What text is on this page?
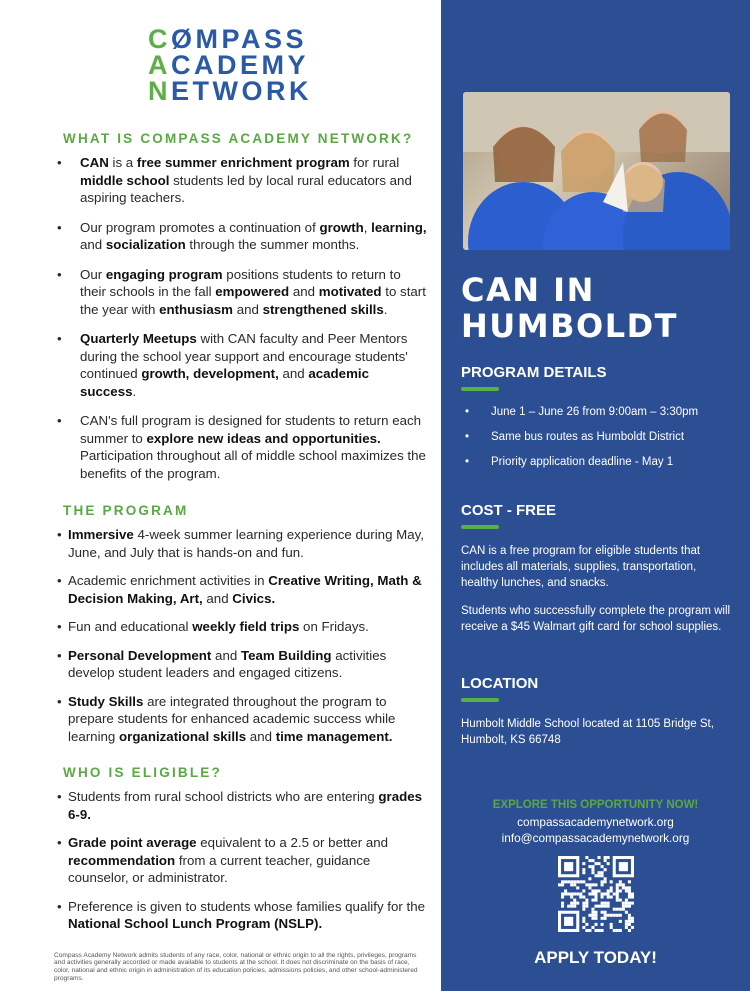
CØMPASS
ACADEMY
NETWORK
WHAT IS COMPASS ACADEMY NETWORK?
• CAN is a free summer enrichment program for rural middle school students led by local rural educators and aspiring teachers.
• Our program promotes a continuation of growth, learning, and socialization through the summer months.
• Our engaging program positions students to return to their schools in the fall empowered and motivated to start the year with enthusiasm and strengthened skills.
• Quarterly Meetups with CAN faculty and Peer Mentors during the school year support and encourage students' continued growth, development, and academic success.
• CAN's full program is designed for students to return each summer to explore new ideas and opportunities. Participation throughout all of middle school maximizes the benefits of the program.
THE PROGRAM
• Immersive 4-week summer learning experience during May, June, and July that is hands-on and fun.
• Academic enrichment activities in Creative Writing, Math & Decision Making, Art, and Civics.
• Fun and educational weekly field trips on Fridays.
• Personal Development and Team Building activities develop student leaders and engaged citizens.
• Study Skills are integrated throughout the program to prepare students for enhanced academic success while learning organizational skills and time management.
WHO IS ELIGIBLE?
• Students from rural school districts who are entering grades 6-9.
• Grade point average equivalent to a 2.5 or better and recommendation from a current teacher, guidance counselor, or administrator.
• Preference is given to students whose families qualify for the National School Lunch Program (NSLP).
Compass Academy Network admits students of any race, color, national or ethnic origin to all the rights, privileges, programs and activities generally accorded or made available to students at the school. It does not discriminate on the basis of race, color, national and ethnic origin in administration of its education policies, admissions policies, and other school-administered programs.
CAN IN
HUMBOLDT
PROGRAM DETAILS
• June 1 – June 26 from 9:00am – 3:30pm
• Same bus routes as Humboldt District
• Priority application deadline - May 1
COST - FREE
CAN is a free program for eligible students that includes all materials, supplies, transportation, healthy lunches, and snacks.
Students who successfully complete the program will receive a $45 Walmart gift card for school supplies.
LOCATION
Humbolt Middle School located at 1105 Bridge St, Humbolt, KS 66748
EXPLORE THIS OPPORTUNITY NOW!
compassacademynetwork.org
info@compassacademynetwork.org
APPLY TODAY!
